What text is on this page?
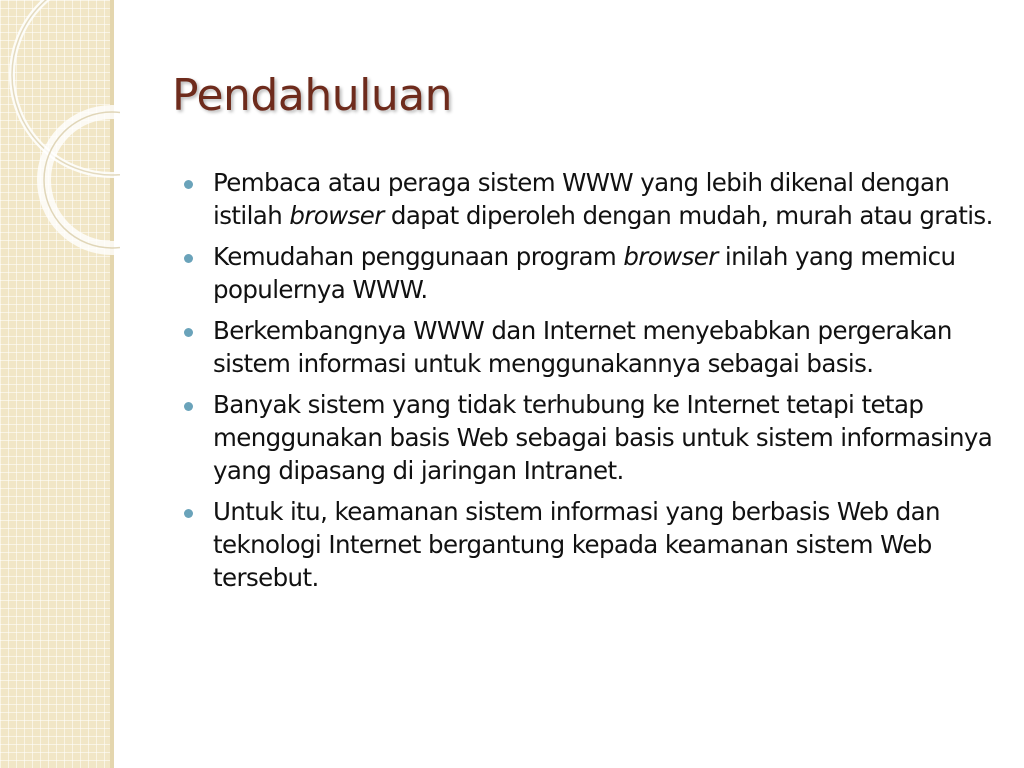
Pendahuluan
Pembaca atau peraga sistem WWW yang lebih dikenal dengan istilah browser dapat diperoleh dengan mudah, murah atau gratis.
Kemudahan penggunaan program browser inilah yang memicu populernya WWW.
Berkembangnya WWW dan Internet menyebabkan pergerakan sistem informasi untuk menggunakannya sebagai basis.
Banyak sistem yang tidak terhubung ke Internet tetapi tetap menggunakan basis Web sebagai basis untuk sistem informasinya yang dipasang di jaringan Intranet.
Untuk itu, keamanan sistem informasi yang berbasis Web dan teknologi Internet bergantung kepada keamanan sistem Web tersebut.
